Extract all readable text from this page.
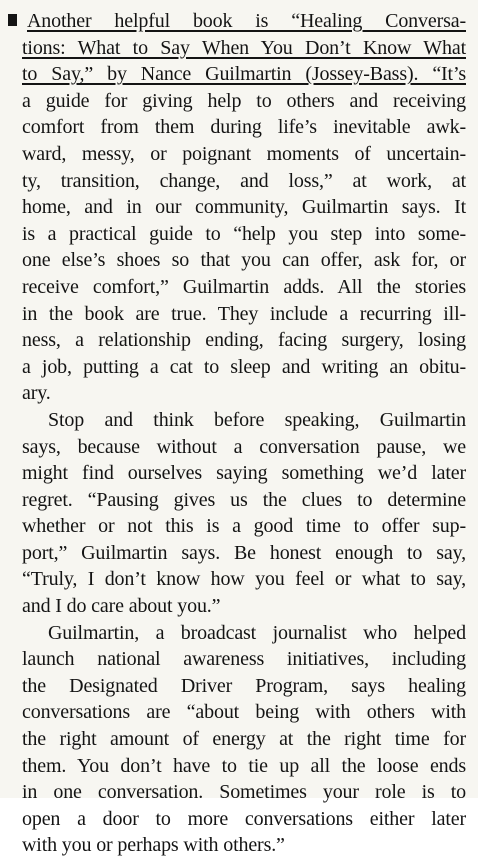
Another helpful book is “Healing Conversa-
tions: What to Say When You Don’t Know What
to Say,” by Nance Guilmartin (Jossey-Bass). “It’s
a guide for giving help to others and receiving
comfort from them during life’s inevitable awk-
ward, messy, or poignant moments of uncertain-
ty, transition, change, and loss,” at work, at
home, and in our community, Guilmartin says. It
is a practical guide to “help you step into some-
one else’s shoes so that you can offer, ask for, or
receive comfort,” Guilmartin adds. All the stories
in the book are true. They include a recurring ill-
ness, a relationship ending, facing surgery, losing
a job, putting a cat to sleep and writing an obitu-
ary.
Stop and think before speaking, Guilmartin
says, because without a conversation pause, we
might find ourselves saying something we’d later
regret. “Pausing gives us the clues to determine
whether or not this is a good time to offer sup-
port,” Guilmartin says. Be honest enough to say,
“Truly, I don’t know how you feel or what to say,
and I do care about you.”
Guilmartin, a broadcast journalist who helped
launch national awareness initiatives, including
the Designated Driver Program, says healing
conversations are “about being with others with
the right amount of energy at the right time for
them. You don’t have to tie up all the loose ends
in one conversation. Sometimes your role is to
open a door to more conversations either later
with you or perhaps with others.”
